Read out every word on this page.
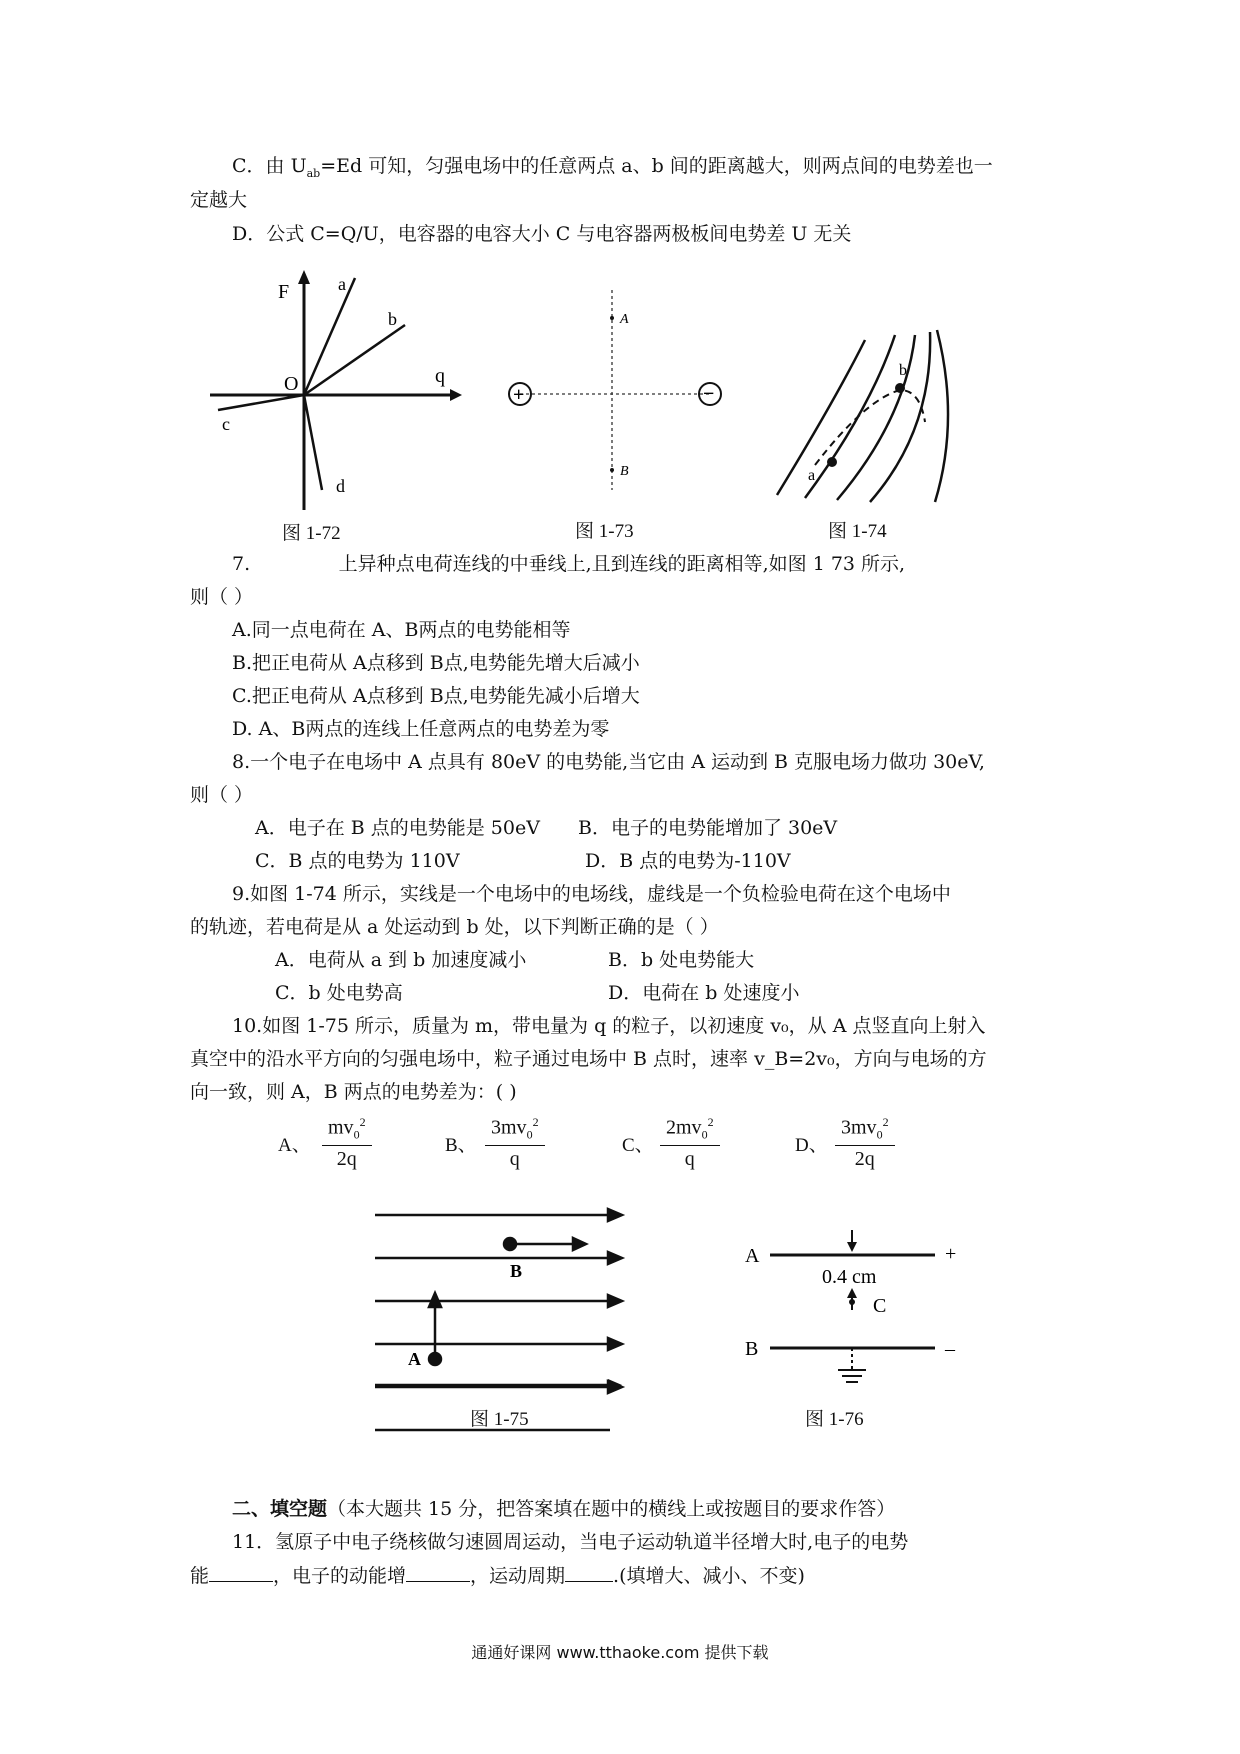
C．由 $U_{ab}=Ed$ 可知，匀强电场中的任意两点 a、b 间的距离越大，则两点间的电势差也一
定越大
D．公式 C=Q/U，电容器的电容大小 C 与电容器两极板间电势差 U 无关
F
q
O
a
b
c
d
图 1-72
+	−
A
B
图 1-73
a
b
图 1-74
7.	上异种点电荷连线的中垂线上,且到连线的距离相等,如图 1 73 所示,
则（ ）
A.同一点电荷在 A、B两点的电势能相等
B.把正电荷从 A点移到 B点,电势能先增大后减小
C.把正电荷从 A点移到 B点,电势能先减小后增大
D. A、B两点的连线上任意两点的电势差为零
8.一个电子在电场中 A 点具有 80eV 的电势能,当它由 A 运动到 B 克服电场力做功 30eV,
则（ ）
A．电子在 B 点的电势能是 50eV B．电子的电势能增加了 30eV
C．B 点的电势为 110V	D．B 点的电势为-110V
9.如图 1-74 所示，实线是一个电场中的电场线，虚线是一个负检验电荷在这个电场中
的轨迹，若电荷是从 a 处运动到 b 处，以下判断正确的是（ ）
A．电荷从 a 到 b 加速度减小	B．b 处电势能大
C．b 处电势高	D．电荷在 b 处速度小
10.如图 1-75 所示，质量为 m，带电量为 q 的粒子，以初速度 v₀，从 A 点竖直向上射入
真空中的沿水平方向的匀强电场中，粒子通过电场中 B 点时，速率 v_B=2v₀，方向与电场的方
向一致，则 A，B 两点的电势差为：( )
A、 $\frac{mv_0^2}{2q}$	B、 $\frac{3mv_0^2}{q}$	C、 $\frac{2mv_0^2}{q}$	D、 $\frac{3mv_0^2}{2q}$
B
A
图 1-75
A
B
+
–
0.4 cm
C
图 1-76
二、填空题（本大题共 15 分，把答案填在题中的横线上或按题目的要求作答）
11．氢原子中电子绕核做匀速圆周运动，当电子运动轨道半径增大时,电子的电势
能	，电子的动能增	，运动周期	.(填增大、减小、不变)
通通好课网 www.tthaoke.com 提供下载
